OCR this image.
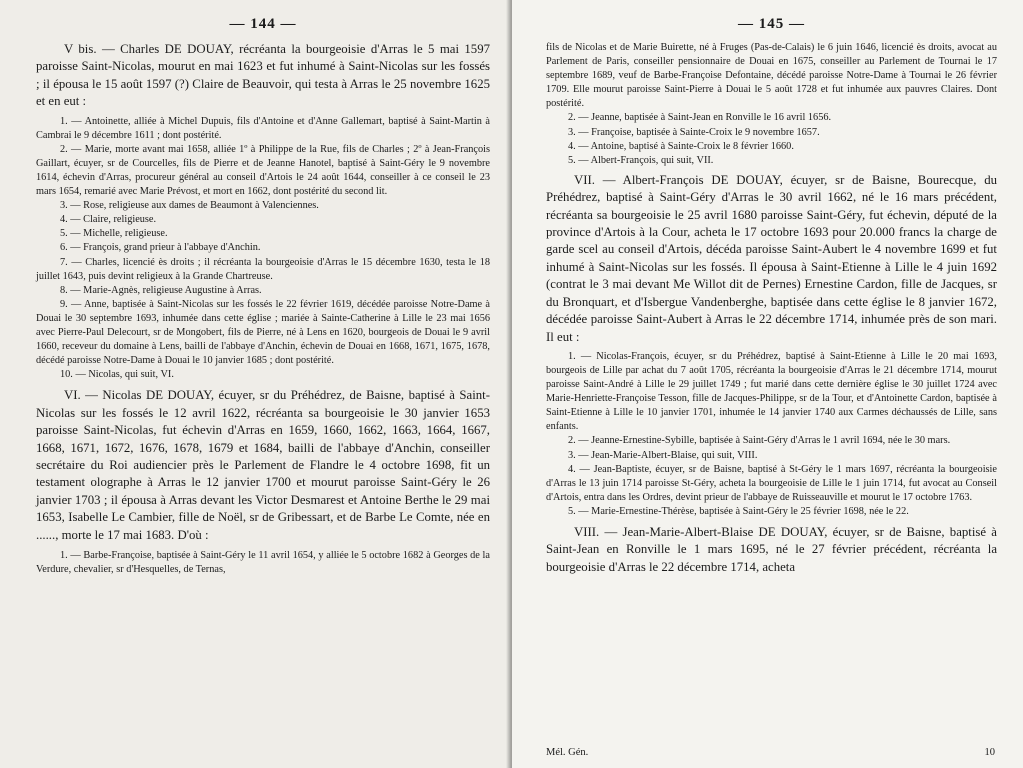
— 144 —

V bis. — Charles DE DOUAY, récréanta la bourgeoisie d'Arras le 5 mai 1597 paroisse Saint-Nicolas, mourut en mai 1623 et fut inhumé à Saint-Nicolas sur les fossés ; il épousa le 15 août 1597 (?) Claire de Beauvoir, qui testa à Arras le 25 novembre 1625 et en eut :

1. — Antoinette, alliée à Michel Dupuis, fils d'Antoine et d'Anne Gallemart, baptisé à Saint-Martin à Cambrai le 9 décembre 1611 ; dont postérité.

2. — Marie, morte avant mai 1658, alliée 1º à Philippe de la Rue, fils de Charles ; 2º à Jean-François Gaillart, écuyer, sr de Courcelles, fils de Pierre et de Jeanne Hanotel, baptisé à Saint-Géry le 9 novembre 1614, échevin d'Arras, procureur général au conseil d'Artois le 24 août 1644, conseiller à ce conseil le 23 mars 1654, remarié avec Marie Prévost, et mort en 1662, dont postérité du second lit.

3. — Rose, religieuse aux dames de Beaumont à Valenciennes.

4. — Claire, religieuse.

5. — Michelle, religieuse.

6. — François, grand prieur à l'abbaye d'Anchin.

7. — Charles, licencié ès droits ; il récréanta la bourgeoisie d'Arras le 15 décembre 1630, testa le 18 juillet 1643, puis devint religieux à la Grande Chartreuse.

8. — Marie-Agnès, religieuse Augustine à Arras.

9. — Anne, baptisée à Saint-Nicolas sur les fossés le 22 février 1619, décédée paroisse Notre-Dame à Douai le 30 septembre 1693, inhumée dans cette église ; mariée à Sainte-Catherine à Lille le 23 mai 1656 avec Pierre-Paul Delecourt, sr de Mongobert, fils de Pierre, né à Lens en 1620, bourgeois de Douai le 9 avril 1660, receveur du domaine à Lens, bailli de l'abbaye d'Anchin, échevin de Douai en 1668, 1671, 1675, 1678, décédé paroisse Notre-Dame à Douai le 10 janvier 1685 ; dont postérité.

10. — Nicolas, qui suit, VI.

VI. — Nicolas DE DOUAY, écuyer, sr du Préhédrez, de Baisne, baptisé à Saint-Nicolas sur les fossés le 12 avril 1622, récréanta sa bourgeoisie le 30 janvier 1653 paroisse Saint-Nicolas, fut échevin d'Arras en 1659, 1660, 1662, 1663, 1664, 1667, 1668, 1671, 1672, 1676, 1678, 1679 et 1684, bailli de l'abbaye d'Anchin, conseiller secrétaire du Roi audiencier près le Parlement de Flandre le 4 octobre 1698, fit un testament olographe à Arras le 12 janvier 1700 et mourut paroisse Saint-Géry le 26 janvier 1703 ; il épousa à Arras devant les Victor Desmarest et Antoine Berthe le 29 mai 1653, Isabelle Le Cambier, fille de Noël, sr de Gribessart, et de Barbe Le Comte, née en ......, morte le 17 mai 1683. D'où :

1. — Barbe-Françoise, baptisée à Saint-Géry le 11 avril 1654, y alliée le 5 octobre 1682 à Georges de la Verdure, chevalier, sr d'Hesquelles, de Ternas,

— 145 —

fils de Nicolas et de Marie Buirette, né à Fruges (Pas-de-Calais) le 6 juin 1646, licencié ès droits, avocat au Parlement de Paris, conseiller pensionnaire de Douai en 1675, conseiller au Parlement de Tournai le 17 septembre 1689, veuf de Barbe-Françoise Defontaine, décédé paroisse Notre-Dame à Tournai le 26 février 1709. Elle mourut paroisse Saint-Pierre à Douai le 5 août 1728 et fut inhumée aux pauvres Claires. Dont postérité.

2. — Jeanne, baptisée à Saint-Jean en Ronville le 16 avril 1656.

3. — Françoise, baptisée à Sainte-Croix le 9 novembre 1657.

4. — Antoine, baptisé à Sainte-Croix le 8 février 1660.

5. — Albert-François, qui suit, VII.

VII. — Albert-François DE DOUAY, écuyer, sr de Baisne, Bourecque, du Préhédrez, baptisé à Saint-Géry d'Arras le 30 avril 1662, né le 16 mars précédent, récréanta sa bourgeoisie le 25 avril 1680 paroisse Saint-Géry, fut échevin, député de la province d'Artois à la Cour, acheta le 17 octobre 1693 pour 20.000 francs la charge de garde scel au conseil d'Artois, décéda paroisse Saint-Aubert le 4 novembre 1699 et fut inhumé à Saint-Nicolas sur les fossés. Il épousa à Saint-Etienne à Lille le 4 juin 1692 (contrat le 3 mai devant Me Willot dit de Pernes) Ernestine Cardon, fille de Jacques, sr du Bronquart, et d'Isbergue Vandenberghe, baptisée dans cette église le 8 janvier 1672, décédée paroisse Saint-Aubert à Arras le 22 décembre 1714, inhumée près de son mari. Il eut :

1. — Nicolas-François, écuyer, sr du Préhédrez, baptisé à Saint-Etienne à Lille le 20 mai 1693, bourgeois de Lille par achat du 7 août 1705, récréanta la bourgeoisie d'Arras le 21 décembre 1714, mourut paroisse Saint-André à Lille le 29 juillet 1749 ; fut marié dans cette dernière église le 30 juillet 1724 avec Marie-Henriette-Françoise Tesson, fille de Jacques-Philippe, sr de la Tour, et d'Antoinette Cardon, baptisée à Saint-Etienne à Lille le 10 janvier 1701, inhumée le 14 janvier 1740 aux Carmes déchaussés de Lille, sans enfants.

2. — Jeanne-Ernestine-Sybille, baptisée à Saint-Géry d'Arras le 1 avril 1694, née le 30 mars.

3. — Jean-Marie-Albert-Blaise, qui suit, VIII.

4. — Jean-Baptiste, écuyer, sr de Baisne, baptisé à St-Géry le 1 mars 1697, récréanta la bourgeoisie d'Arras le 13 juin 1714 paroisse St-Géry, acheta la bourgeoisie de Lille le 1 juin 1714, fut avocat au Conseil d'Artois, entra dans les Ordres, devint prieur de l'abbaye de Ruisseauville et mourut le 17 octobre 1763.

5. — Marie-Ernestine-Thérèse, baptisée à Saint-Géry le 25 février 1698, née le 22.

VIII. — Jean-Marie-Albert-Blaise DE DOUAY, écuyer, sr de Baisne, baptisé à Saint-Jean en Ronville le 1 mars 1695, né le 27 février précédent, récréanta la bourgeoisie d'Arras le 22 décembre 1714, acheta

Mél. Gén.	10
